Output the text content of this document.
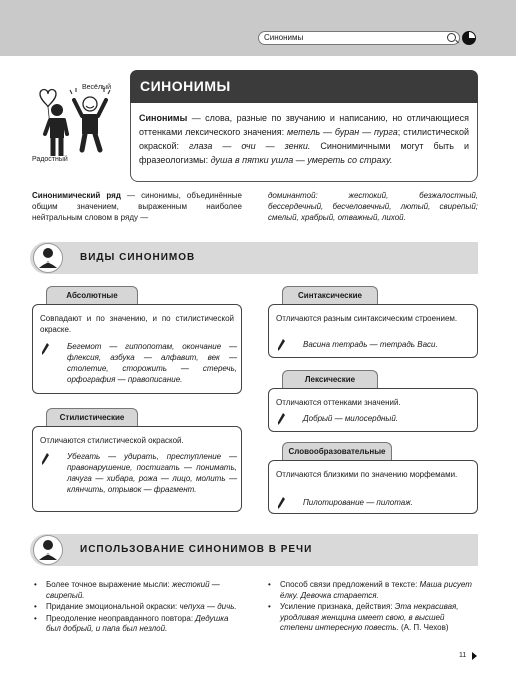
Синонимы
Весёлый
Радостный
СИНОНИМЫ
Синонимы — слова, разные по звучанию и написанию, но отличающиеся оттенками лексического значения: метель — буран — пурга; стилистической окраской: глаза — очи — зенки. Синонимичными могут быть и фразеологизмы: душа в пятки ушла — умереть со страху.
Синонимический ряд — синонимы, объединённые общим значением, выраженным наиболее нейтральным словом в ряду —
доминантой: жестокий, безжалостный, бессердечный, бесчеловечный, лютый, свирепый; смелый, храбрый, отважный, лихой.
ВИДЫ СИНОНИМОВ
Абсолютные
Совпадают и по значению, и по стилистической окраске.
Бегемот — гиппопотам, окончание — флексия, азбука — алфавит, век — столетие, сторожить — стеречь, орфография — правописание.
Стилистические
Отличаются стилистической окраской.
Убегать — удирать, преступление — правонарушение, постигать — понимать, лачуга — хибара, рожа — лицо, молить — клянчить, отрывок — фрагмент.
Синтаксические
Отличаются разным синтаксическим строением.
Васина тетрадь — тетрадь Васи.
Лексические
Отличаются оттенками значений.
Добрый — милосердный.
Словообразовательные
Отличаются близкими по значению морфемами.
Пилотирование — пилотаж.
ИСПОЛЬЗОВАНИЕ СИНОНИМОВ В РЕЧИ
• Более точное выражение мысли: жестокий — свирепый.
• Придание эмоциональной окраски: чепуха — дичь.
• Преодоление неоправданного повтора: Дедушка был добрый, и папа был незлой.
• Способ связи предложений в тексте: Маша рисует ёлку. Девочка старается.
• Усиление признака, действия: Эта некрасивая, уродливая женщина имеет свою, в высшей степени интересную повесть. (А. П. Чехов)
11
